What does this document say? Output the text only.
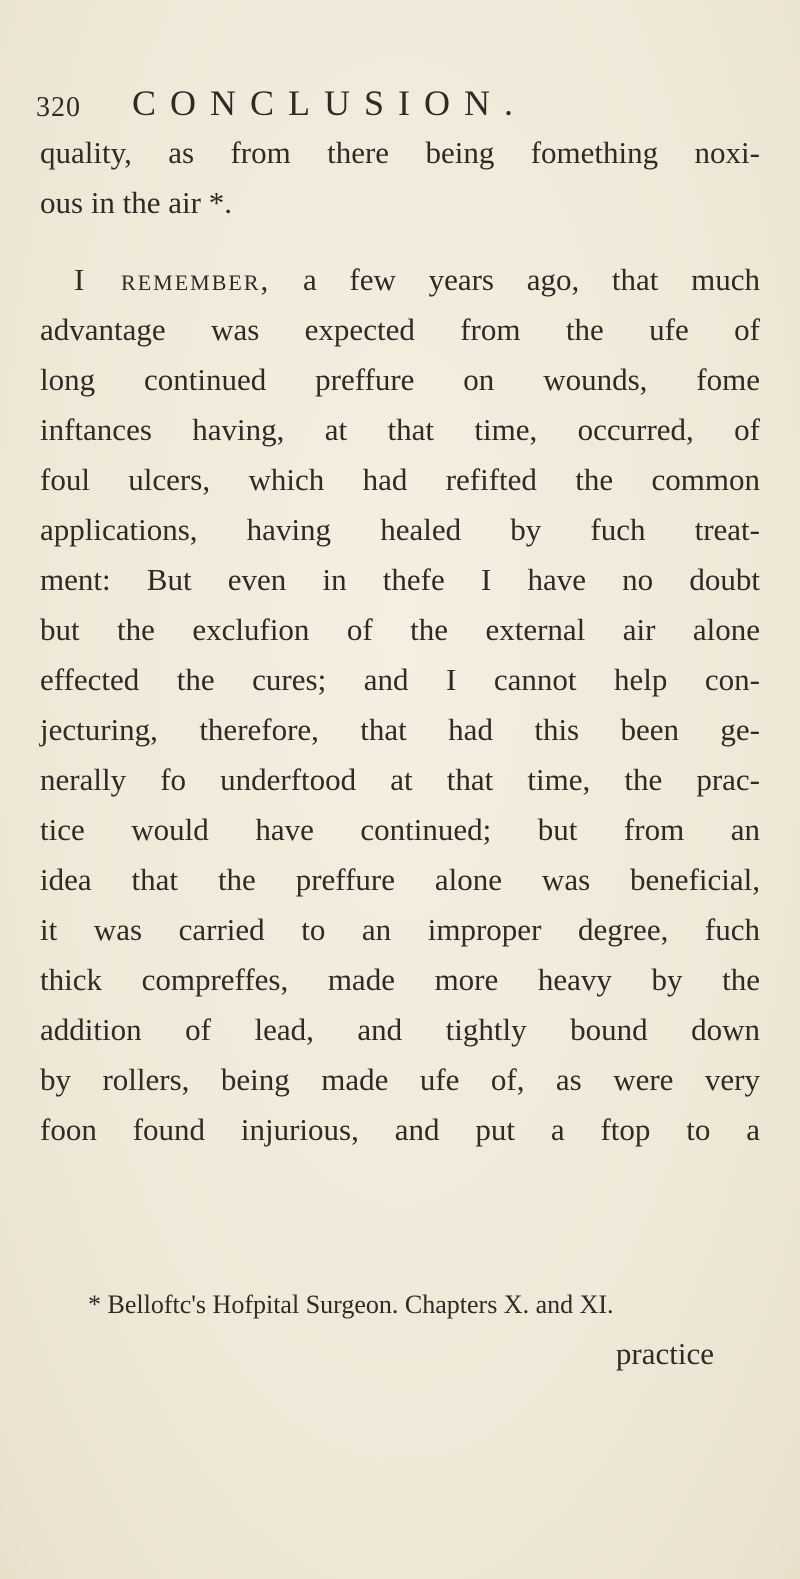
320 CONCLUSION.
quality, as from there being fomething noxi-
ous in the air *.
I remember, a few years ago, that much
advantage was expected from the ufe of
long continued preffure on wounds, fome
inftances having, at that time, occurred, of
foul ulcers, which had refifted the common
applications, having healed by fuch treat-
ment: But even in thefe I have no doubt
but the exclufion of the external air alone
effected the cures; and I cannot help con-
jecturing, therefore, that had this been ge-
nerally fo underftood at that time, the prac-
tice would have continued; but from an
idea that the preffure alone was beneficial,
it was carried to an improper degree, fuch
thick compreffes, made more heavy by the
addition of lead, and tightly bound down
by rollers, being made ufe of, as were very
foon found injurious, and put a ftop to a
* Belloftc's Hofpital Surgeon. Chapters X. and XI.
practice
